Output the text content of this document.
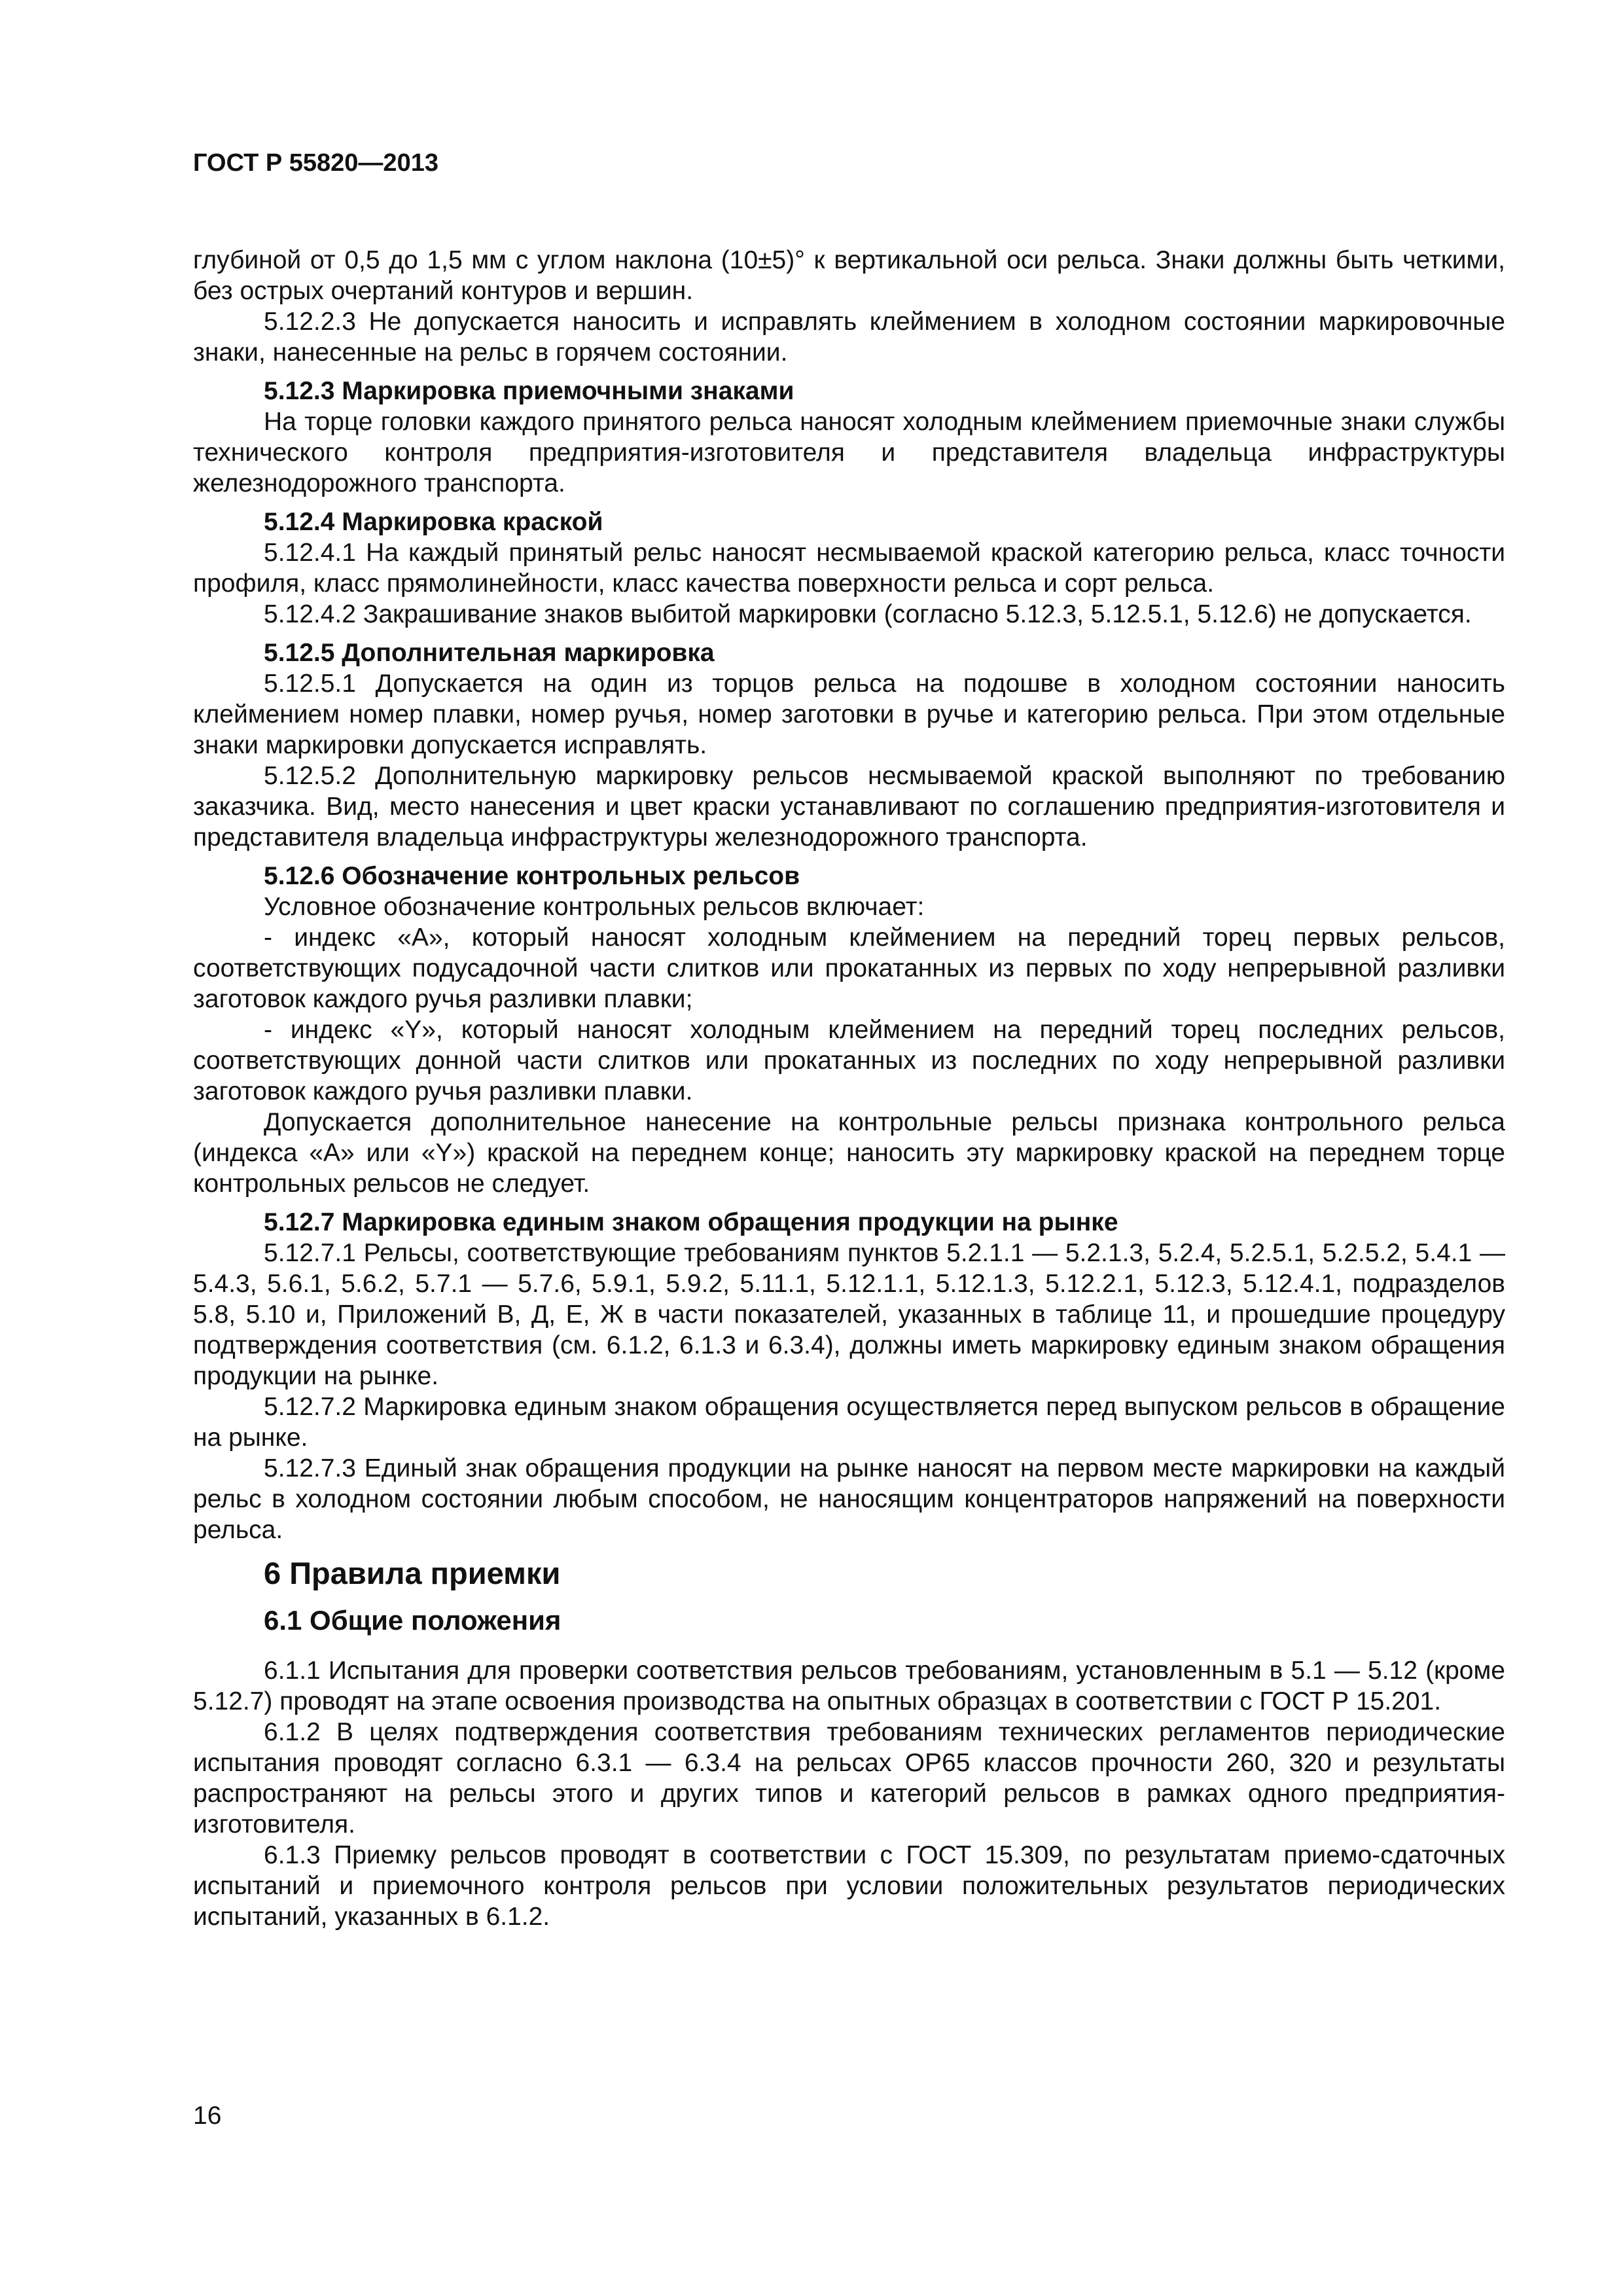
ГОСТ Р 55820—2013

глубиной от 0,5 до 1,5 мм с углом наклона (10±5)° к вертикальной оси рельса. Знаки должны быть четкими, без острых очертаний контуров и вершин.

5.12.2.3 Не допускается наносить и исправлять клеймением в холодном состоянии маркировочные знаки, нанесенные на рельс в горячем состоянии.

5.12.3 Маркировка приемочными знаками

На торце головки каждого принятого рельса наносят холодным клеймением приемочные знаки службы технического контроля предприятия-изготовителя и представителя владельца инфраструктуры железнодорожного транспорта.

5.12.4 Маркировка краской

5.12.4.1 На каждый принятый рельс наносят несмываемой краской категорию рельса, класс точности профиля, класс прямолинейности, класс качества поверхности рельса и сорт рельса.

5.12.4.2 Закрашивание знаков выбитой маркировки (согласно 5.12.3, 5.12.5.1, 5.12.6) не допускается.

5.12.5 Дополнительная маркировка

5.12.5.1 Допускается на один из торцов рельса на подошве в холодном состоянии наносить клеймением номер плавки, номер ручья, номер заготовки в ручье и категорию рельса. При этом отдельные знаки маркировки допускается исправлять.

5.12.5.2 Дополнительную маркировку рельсов несмываемой краской выполняют по требованию заказчика. Вид, место нанесения и цвет краски устанавливают по соглашению предприятия-изготовителя и представителя владельца инфраструктуры железнодорожного транспорта.

5.12.6 Обозначение контрольных рельсов

Условное обозначение контрольных рельсов включает:

- индекс «А», который наносят холодным клеймением на передний торец первых рельсов, соответствующих подусадочной части слитков или прокатанных из первых по ходу непрерывной разливки заготовок каждого ручья разливки плавки;

- индекс «Y», который наносят холодным клеймением на передний торец последних рельсов, соответствующих донной части слитков или прокатанных из последних по ходу непрерывной разливки заготовок каждого ручья разливки плавки.

Допускается дополнительное нанесение на контрольные рельсы признака контрольного рельса (индекса «А» или «Y») краской на переднем конце; наносить эту маркировку краской на переднем торце контрольных рельсов не следует.

5.12.7 Маркировка единым знаком обращения продукции на рынке

5.12.7.1 Рельсы, соответствующие требованиям пунктов 5.2.1.1 — 5.2.1.3, 5.2.4, 5.2.5.1, 5.2.5.2, 5.4.1 — 5.4.3, 5.6.1, 5.6.2, 5.7.1 — 5.7.6, 5.9.1, 5.9.2, 5.11.1, 5.12.1.1, 5.12.1.3, 5.12.2.1, 5.12.3, 5.12.4.1, подразделов 5.8, 5.10 и, Приложений В, Д, Е, Ж в части показателей, указанных в таблице 11, и прошедшие процедуру подтверждения соответствия (см. 6.1.2, 6.1.3 и 6.3.4), должны иметь маркировку единым знаком обращения продукции на рынке.

5.12.7.2 Маркировка единым знаком обращения осуществляется перед выпуском рельсов в обращение на рынке.

5.12.7.3 Единый знак обращения продукции на рынке наносят на первом месте маркировки на каждый рельс в холодном состоянии любым способом, не наносящим концентраторов напряжений на поверхности рельса.

6 Правила приемки

6.1 Общие положения

6.1.1 Испытания для проверки соответствия рельсов требованиям, установленным в 5.1 — 5.12 (кроме 5.12.7) проводят на этапе освоения производства на опытных образцах в соответствии с ГОСТ Р 15.201.

6.1.2 В целях подтверждения соответствия требованиям технических регламентов периодические испытания проводят согласно 6.3.1 — 6.3.4 на рельсах ОР65 классов прочности 260, 320 и результаты распространяют на рельсы этого и других типов и категорий рельсов в рамках одного предприятия-изготовителя.

6.1.3 Приемку рельсов проводят в соответствии с ГОСТ 15.309, по результатам приемо-сдаточных испытаний и приемочного контроля рельсов при условии положительных результатов периодических испытаний, указанных в 6.1.2.

16
